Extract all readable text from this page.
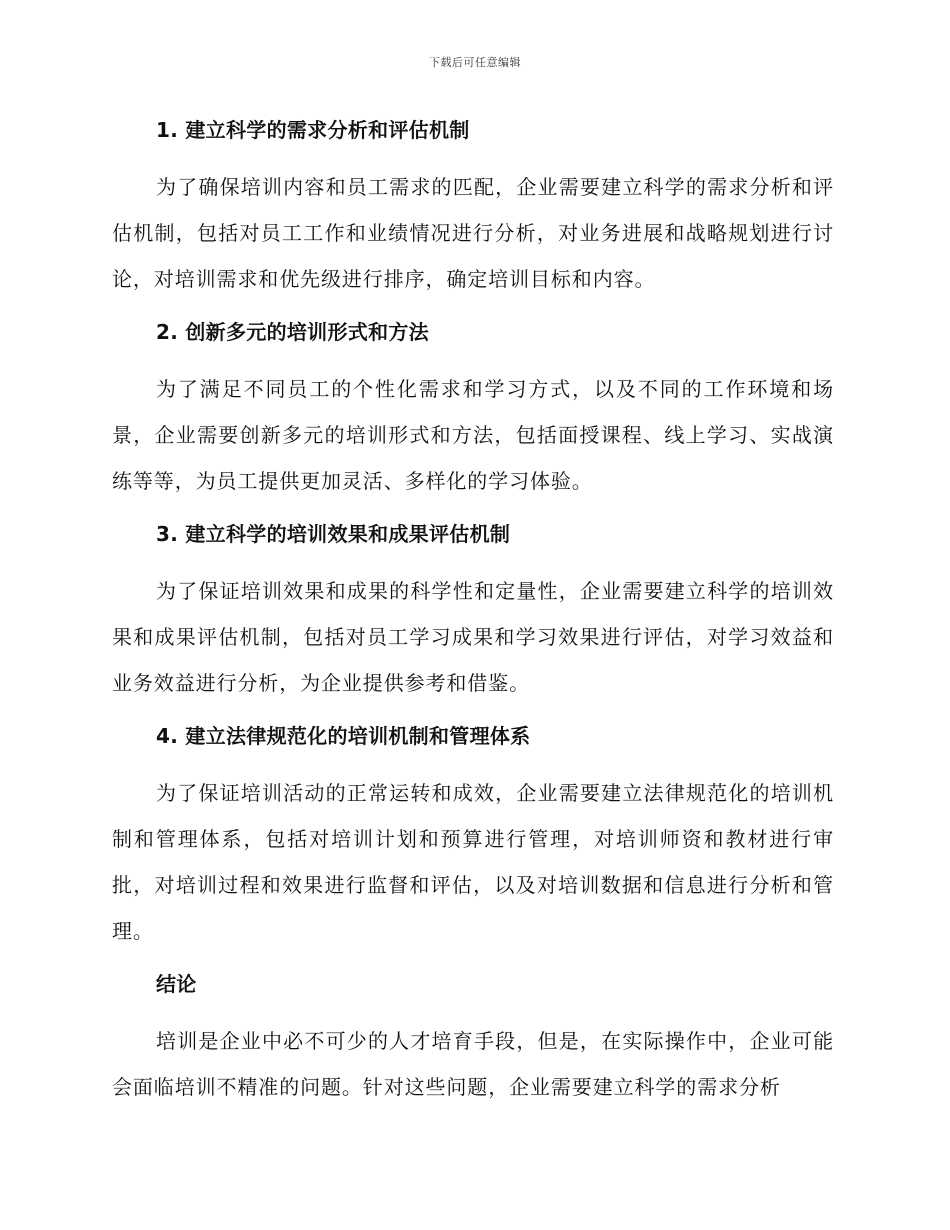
下载后可任意编辑
1. 建立科学的需求分析和评估机制

为了确保培训内容和员工需求的匹配，企业需要建立科学的需求分析和评估机制，包括对员工工作和业绩情况进行分析，对业务进展和战略规划进行讨论，对培训需求和优先级进行排序，确定培训目标和内容。

2. 创新多元的培训形式和方法

为了满足不同员工的个性化需求和学习方式，以及不同的工作环境和场景，企业需要创新多元的培训形式和方法，包括面授课程、线上学习、实战演练等等，为员工提供更加灵活、多样化的学习体验。

3. 建立科学的培训效果和成果评估机制

为了保证培训效果和成果的科学性和定量性，企业需要建立科学的培训效果和成果评估机制，包括对员工学习成果和学习效果进行评估，对学习效益和业务效益进行分析，为企业提供参考和借鉴。

4. 建立法律规范化的培训机制和管理体系

为了保证培训活动的正常运转和成效，企业需要建立法律规范化的培训机制和管理体系，包括对培训计划和预算进行管理，对培训师资和教材进行审批，对培训过程和效果进行监督和评估，以及对培训数据和信息进行分析和管理。

结论

培训是企业中必不可少的人才培育手段，但是，在实际操作中，企业可能会面临培训不精准的问题。针对这些问题，企业需要建立科学的需求分析
